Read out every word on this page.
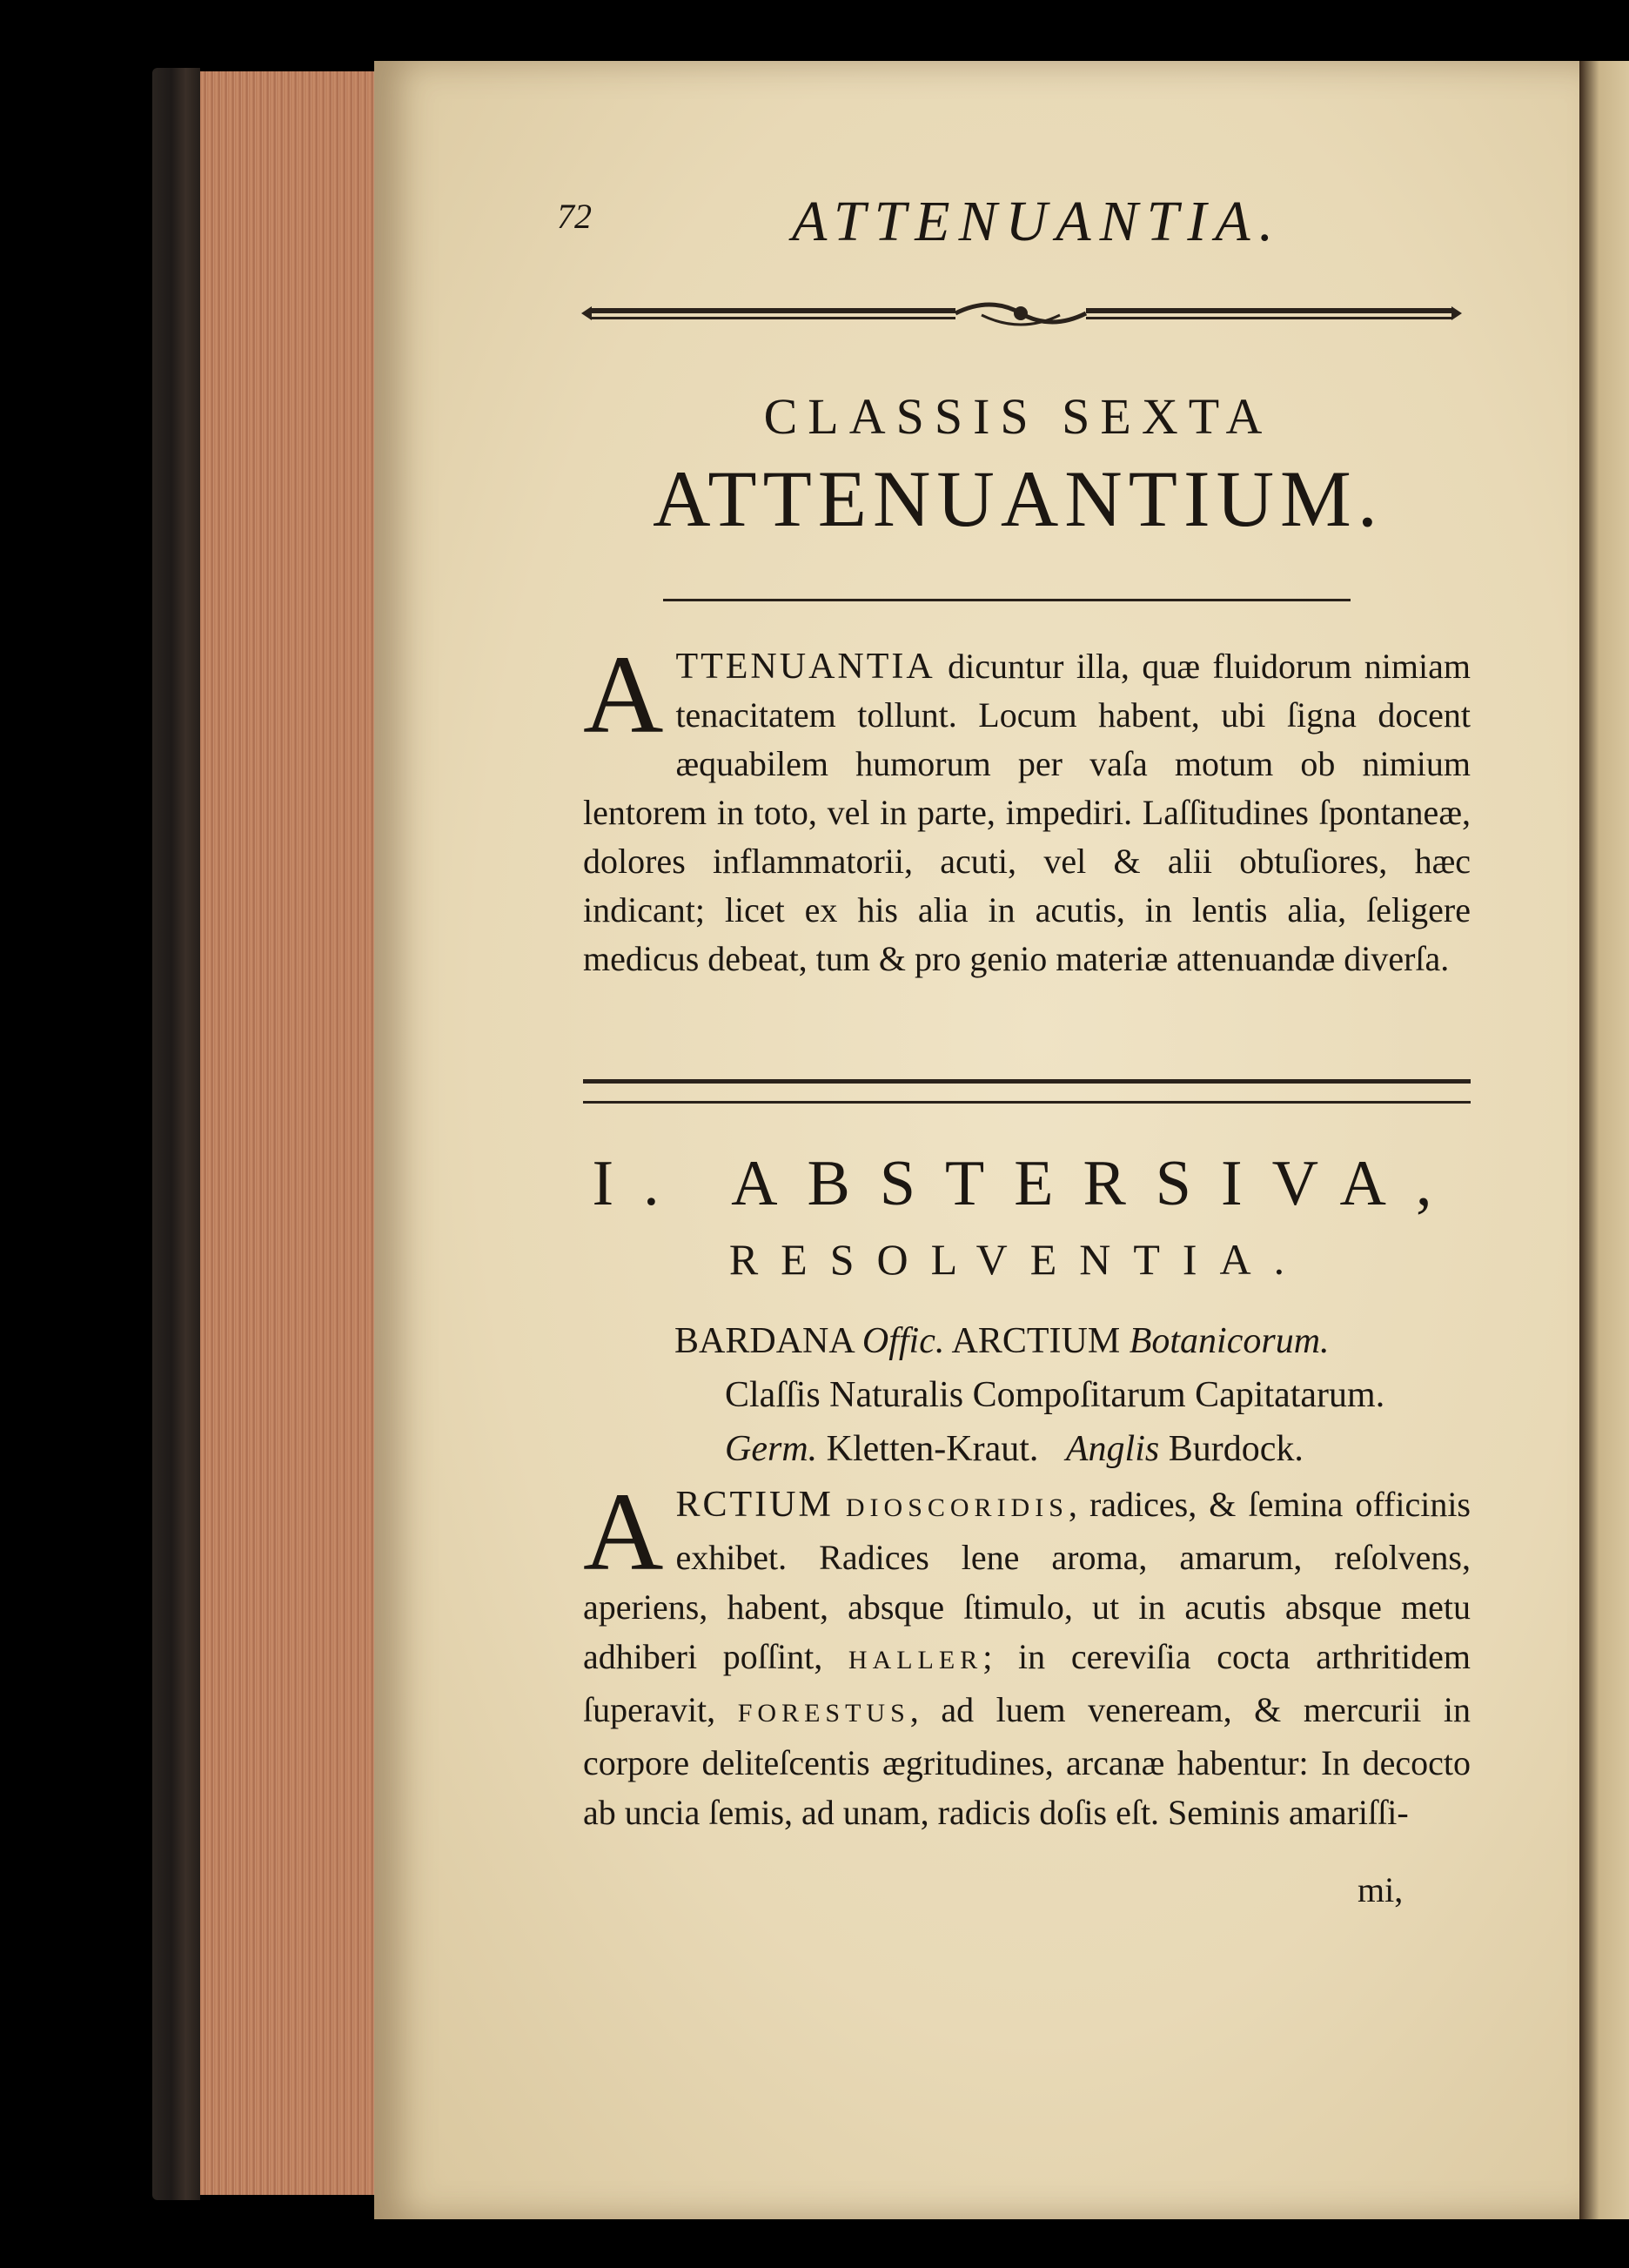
72	ATTENUANTIA.
CLASSIS SEXTA
ATTENUANTIUM.
ATTENUANTIA dicuntur illa, quæ fluidorum nimiam tenacitatem tollunt. Locum habent, ubi ſigna docent æquabilem humorum per vaſa motum ob nimium lentorem in toto, vel in parte, impediri. Laſſitudines ſpontaneæ, dolores inflammatorii, acuti, vel & alii obtuſiores, hæc indicant; licet ex his alia in acutis, in lentis alia, ſeligere medicus debeat, tum & pro genio materiæ attenuandæ diverſa.
I. ABSTERSIVA,
RESOLVENTIA.
BARDANA Offic. ARCTIUM Botanicorum.
Claſſis Naturalis Compoſitarum Capitatarum.
Germ. Kletten-Kraut. Anglis Burdock.
ARCTIUM DIOSCORIDIS, radices, & ſemina officinis exhibet. Radices lene aroma, amarum, reſolvens, aperiens, habent, absque ſtimulo, ut in acutis absque metu adhiberi poſſint, HALLER; in cereviſia cocta arthritidem ſuperavit, FORESTUS, ad luem veneream, & mercurii in corpore deliteſcentis ægritudines, arcanæ habentur: In decocto ab uncia ſemis, ad unam, radicis doſis eſt. Seminis amariſſi-
mi,
